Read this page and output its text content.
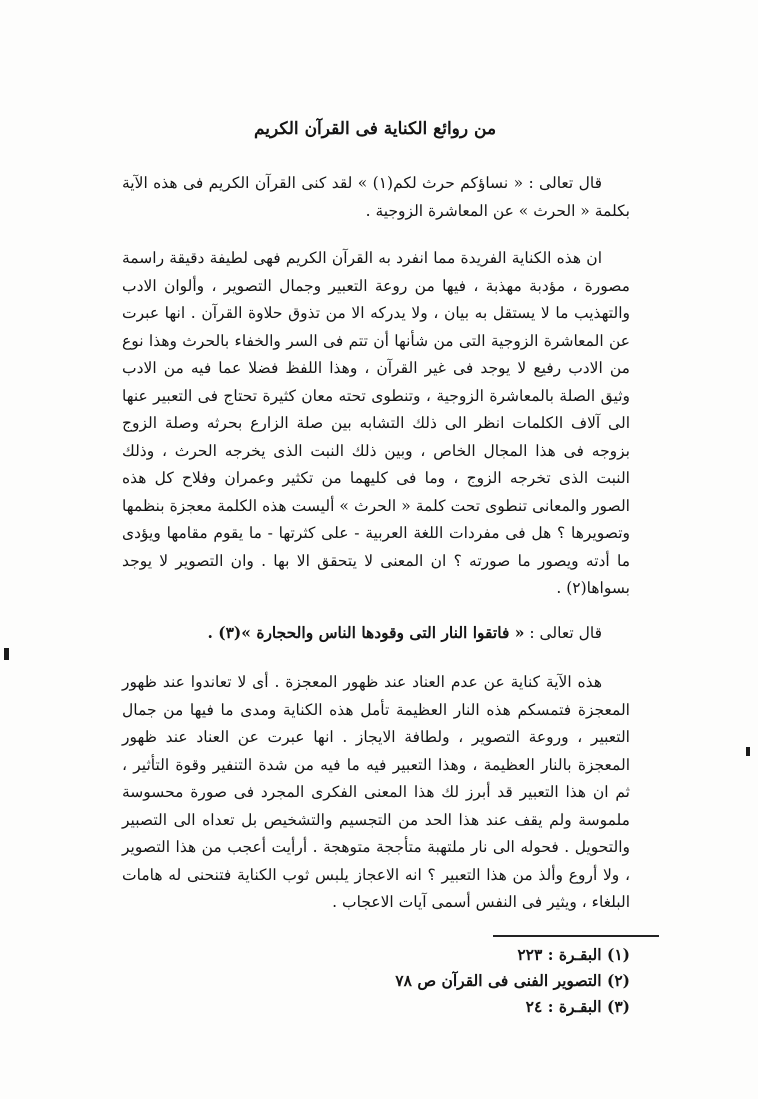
من روائع الكناية فى القرآن الكريم

قال تعالى : « نساؤكم حرث لكم(١) » لقد كنى القرآن الكريم فى هذه الآية بكلمة « الحرث » عن المعاشرة الزوجية .

ان هذه الكناية الفريدة مما انفرد به القرآن الكريم فهى لطيفة دقيقة راسمة مصورة ، مؤدبة مهذبة ، فيها من روعة التعبير وجمال التصوير ، وألوان الادب والتهذيب ما لا يستقل به بيان ، ولا يدركه الا من تذوق حلاوة القرآن . انها عبرت عن المعاشرة الزوجية التى من شأنها أن تتم فى السر والخفاء بالحرث وهذا نوع من الادب رفيع لا يوجد فى غير القرآن ، وهذا اللفظ فضلا عما فيه من الادب وثيق الصلة بالمعاشرة الزوجية ، وتنطوى تحته معان كثيرة تحتاج فى التعبير عنها الى آلاف الكلمات انظر الى ذلك التشابه بين صلة الزارع بحرثه وصلة الزوج بزوجه فى هذا المجال الخاص ، وبين ذلك النبت الذى يخرجه الحرث ، وذلك النبت الذى تخرجه الزوج ، وما فى كليهما من تكثير وعمران وفلاح كل هذه الصور والمعانى تنطوى تحت كلمة « الحرث » أليست هذه الكلمة معجزة بنظمها وتصويرها ؟ هل فى مفردات اللغة العربية - على كثرتها - ما يقوم مقامها ويؤدى ما أدته ويصور ما صورته ؟ ان المعنى لا يتحقق الا بها . وان التصوير لا يوجد بسواها(٢) .

قال تعالى : « فاتقوا النار التى وقودها الناس والحجارة »(٣) .

هذه الآية كناية عن عدم العناد عند ظهور المعجزة . أى لا تعاندوا عند ظهور المعجزة فتمسكم هذه النار العظيمة تأمل هذه الكناية ومدى ما فيها من جمال التعبير ، وروعة التصوير ، ولطافة الايجاز . انها عبرت عن العناد عند ظهور المعجزة بالنار العظيمة ، وهذا التعبير فيه ما فيه من شدة التنفير وقوة التأثير ، ثم ان هذا التعبير قد أبرز لك هذا المعنى الفكرى المجرد فى صورة محسوسة ملموسة ولم يقف عند هذا الحد من التجسيم والتشخيص بل تعداه الى التصبير والتحويل . فحوله الى نار ملتهبة متأججة متوهجة . أرأيت أعجب من هذا التصوير ، ولا أروع وألذ من هذا التعبير ؟ انه الاعجاز يلبس ثوب الكناية فتنحنى له هامات البلغاء ، ويثير فى النفس أسمى آيات الاعجاب .

(١) البقـرة : ٢٢٣
(٢) التصوير الفنى فى القرآن ص ٧٨
(٣) البقـرة : ٢٤
